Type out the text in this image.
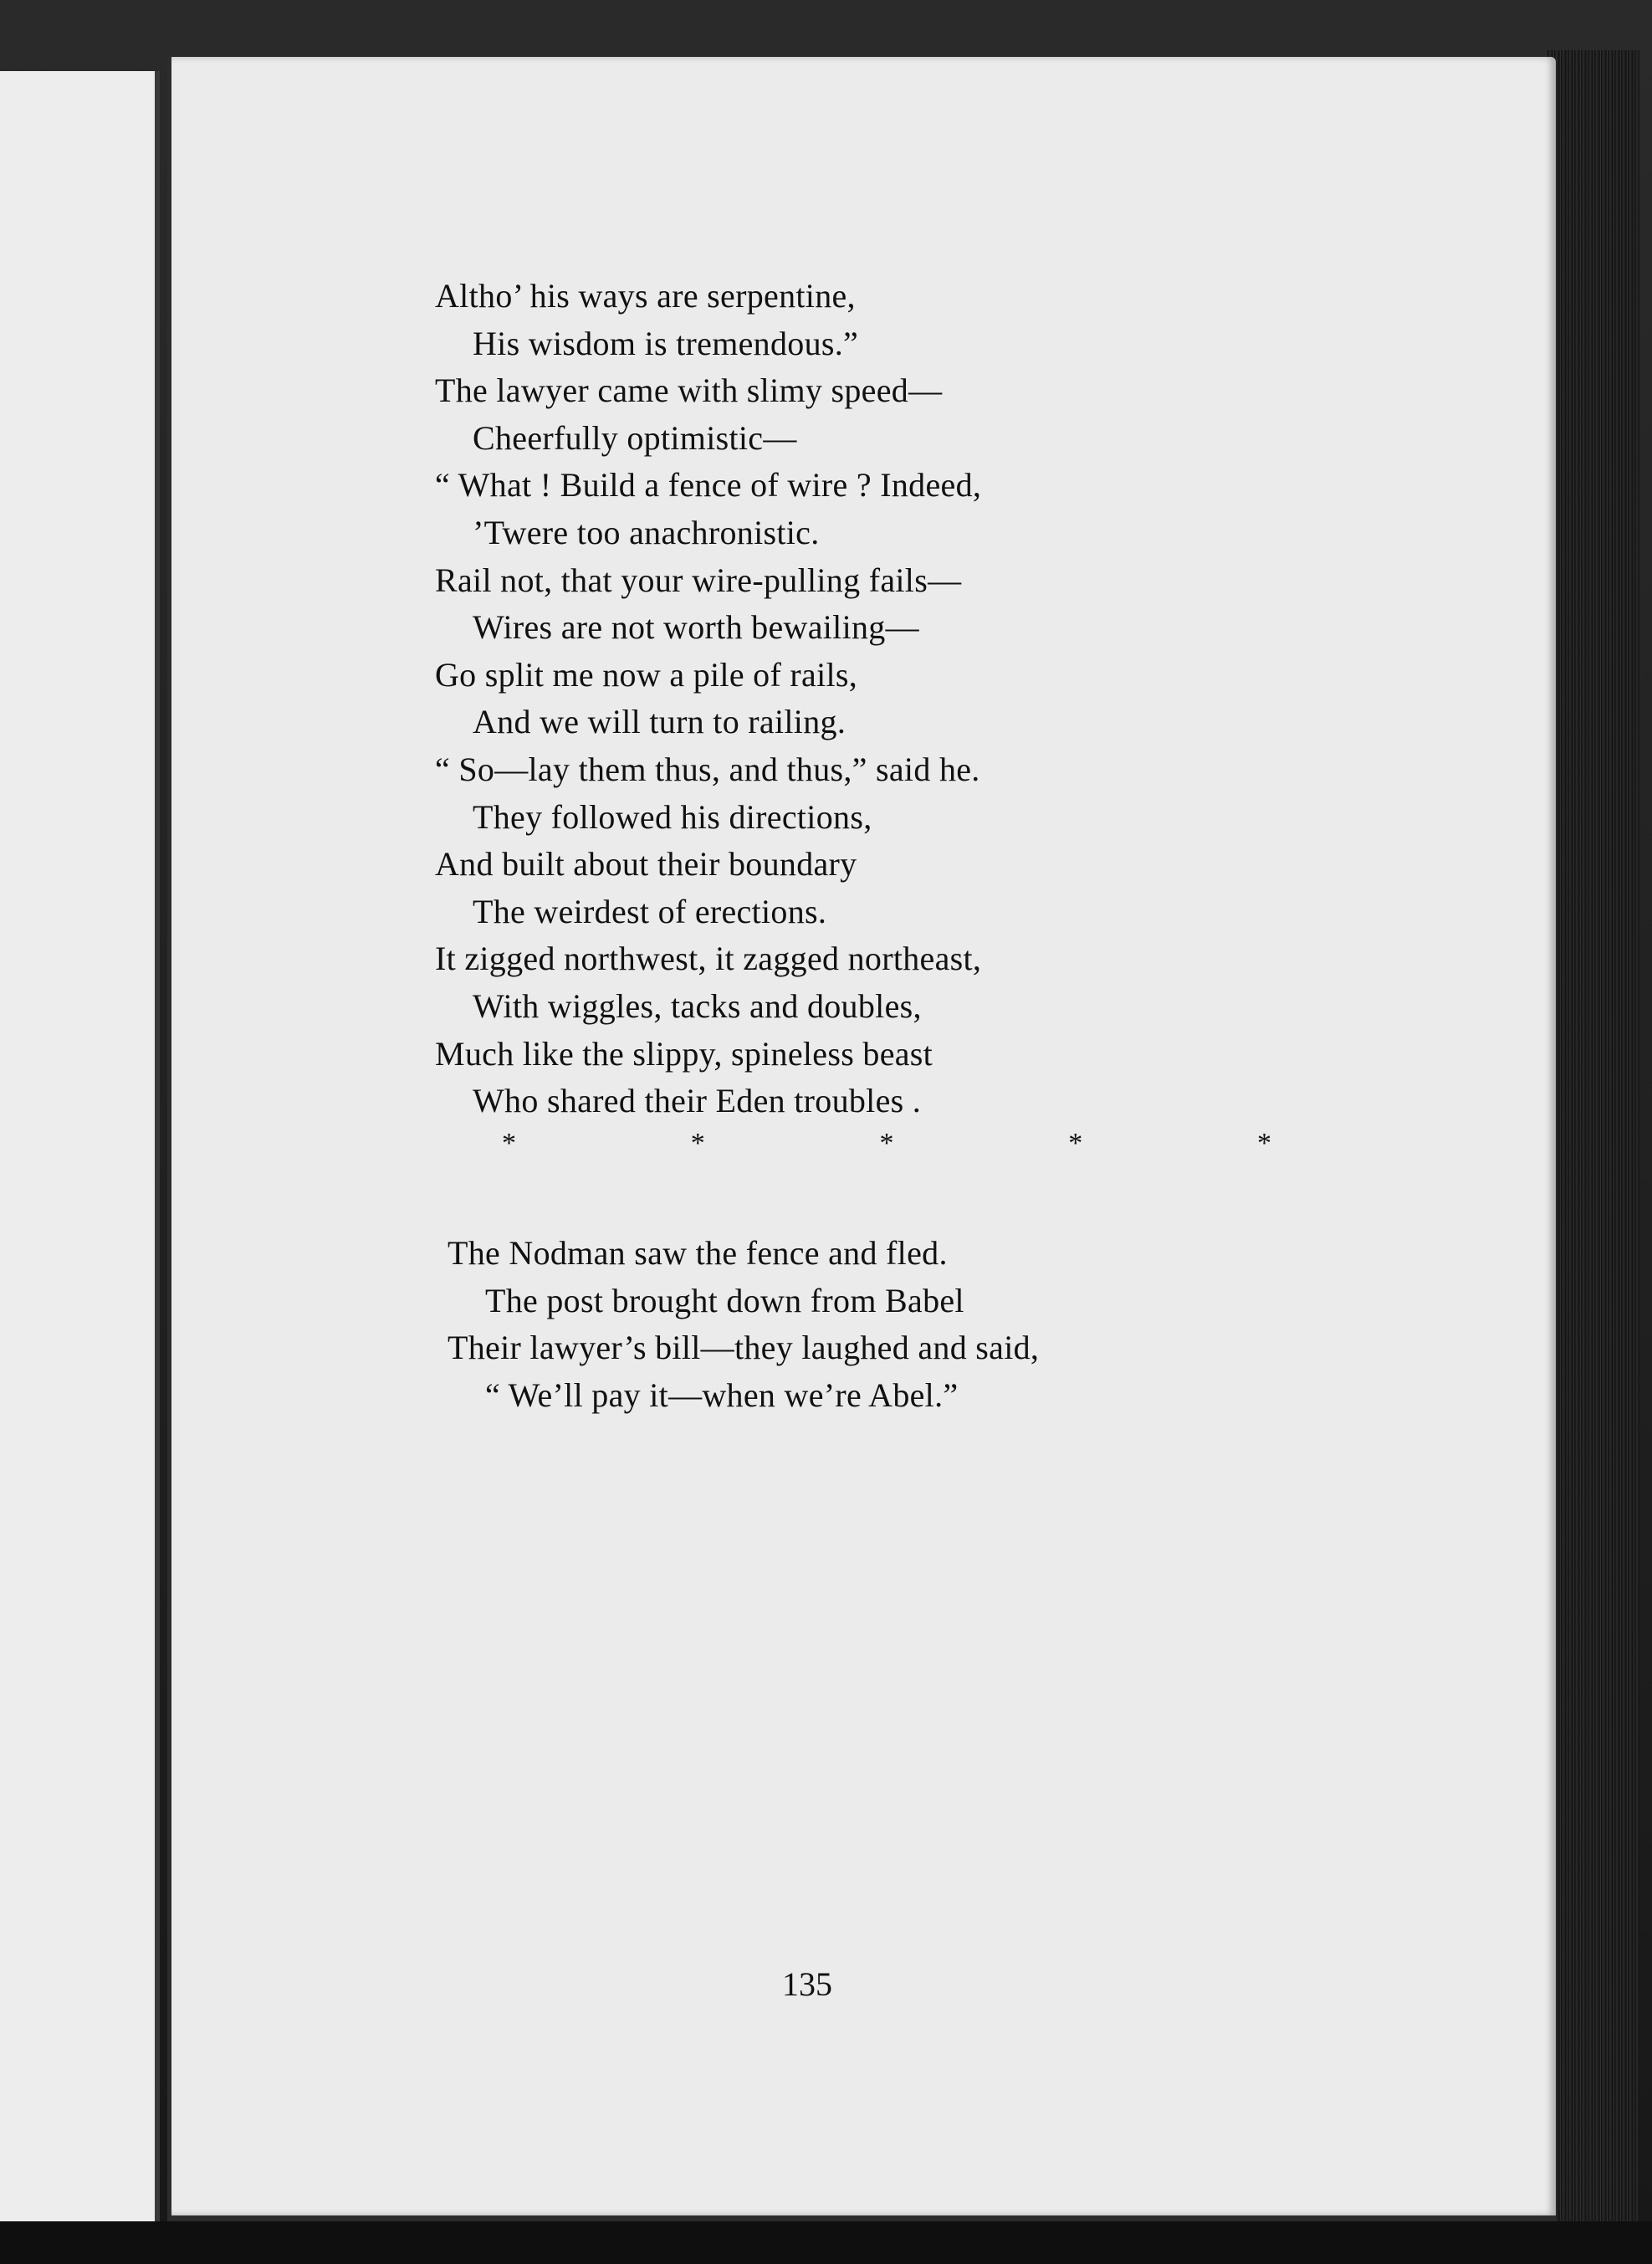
Altho’ his ways are serpentine,
His wisdom is tremendous.”
The lawyer came with slimy speed—
Cheerfully optimistic—
“ What ! Build a fence of wire ? Indeed,
’Twere too anachronistic.
Rail not, that your wire-pulling fails—
Wires are not worth bewailing—
Go split me now a pile of rails,
And we will turn to railing.
“ So—lay them thus, and thus,” said he.
They followed his directions,
And built about their boundary
The weirdest of erections.
It zigged northwest, it zagged northeast,
With wiggles, tacks and doubles,
Much like the slippy, spineless beast
Who shared their Eden troubles .
*	*	*	*	*
The Nodman saw the fence and fled.
The post brought down from Babel
Their lawyer’s bill—they laughed and said,
“ We’ll pay it—when we’re Abel.”
135
